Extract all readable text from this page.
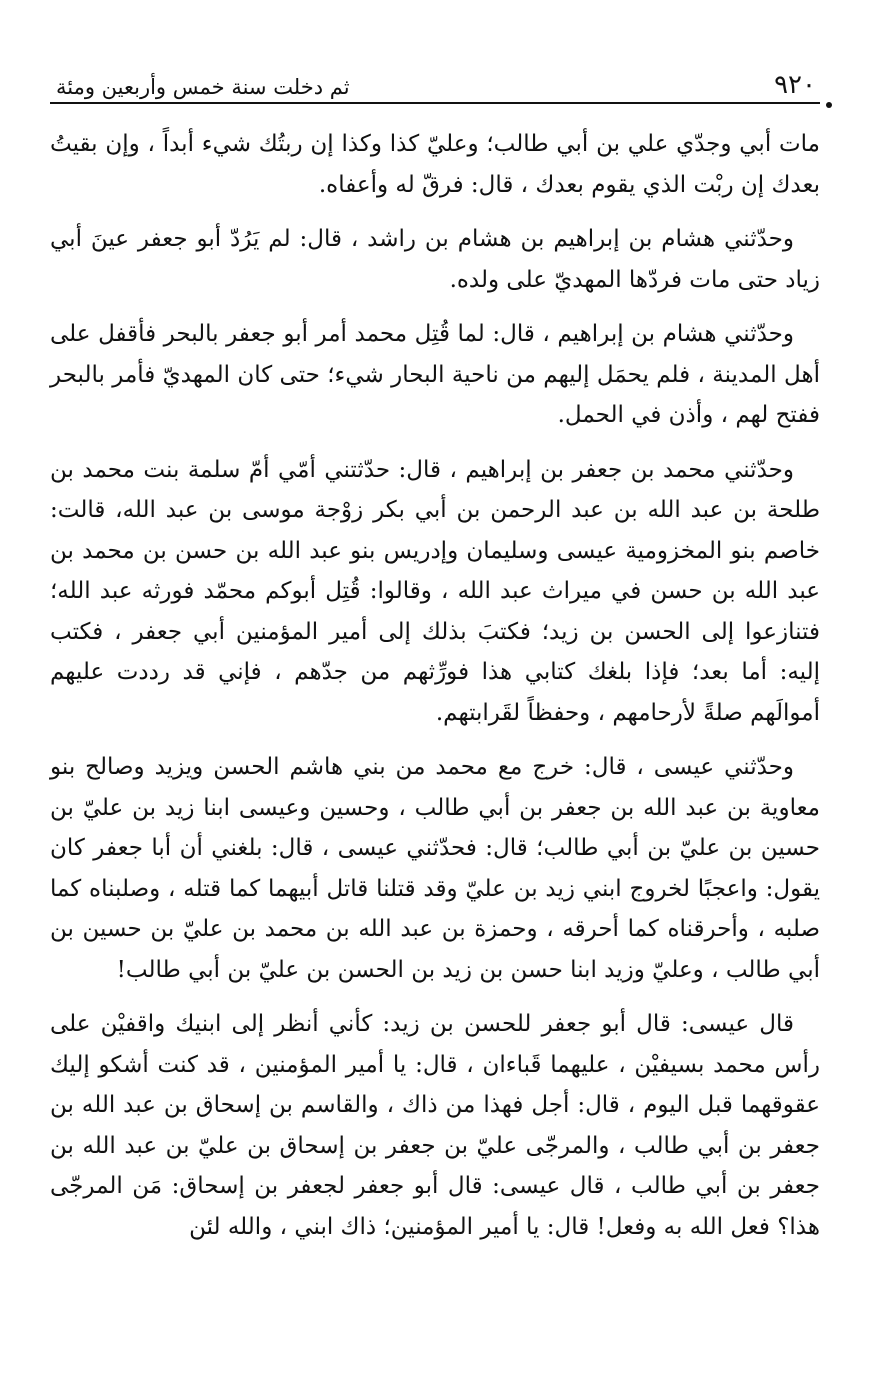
٩٢٠
ثم دخلت سنة خمس وأربعين ومئة

مات أبي وجدّي علي بن أبي طالب؛ وعليّ كذا وكذا إن ربتُك شيء أبداً ، وإن بقيتُ بعدك إن ربْت الذي يقوم بعدك ، قال: فرقّ له وأعفاه.

وحدّثني هشام بن إبراهيم بن هشام بن راشد ، قال: لم يَرُدّ أبو جعفر عينَ أبي زياد حتى مات فردّها المهديّ على ولده.

وحدّثني هشام بن إبراهيم ، قال: لما قُتِل محمد أمر أبو جعفر بالبحر فأقفل على أهل المدينة ، فلم يحمَل إليهم من ناحية البحار شيء؛ حتى كان المهديّ فأمر بالبحر ففتح لهم ، وأذن في الحمل.

وحدّثني محمد بن جعفر بن إبراهيم ، قال: حدّثتني أمّي أمّ سلمة بنت محمد بن طلحة بن عبد الله بن عبد الرحمن بن أبي بكر زوْجة موسى بن عبد الله، قالت: خاصم بنو المخزومية عيسى وسليمان وإدريس بنو عبد الله بن حسن بن محمد بن عبد الله بن حسن في ميراث عبد الله ، وقالوا: قُتِل أبوكم محمّد فورثه عبد الله؛ فتنازعوا إلى الحسن بن زيد؛ فكتبَ بذلك إلى أمير المؤمنين أبي جعفر ، فكتب إليه: أما بعد؛ فإذا بلغك كتابي هذا فورِّثهم من جدّهم ، فإني قد رددت عليهم أموالَهم صلةً لأرحامهم ، وحفظاً لقَرابتهم.

وحدّثني عيسى ، قال: خرج مع محمد من بني هاشم الحسن ويزيد وصالح بنو معاوية بن عبد الله بن جعفر بن أبي طالب ، وحسين وعيسى ابنا زيد بن عليّ بن حسين بن عليّ بن أبي طالب؛ قال: فحدّثني عيسى ، قال: بلغني أن أبا جعفر كان يقول: واعجبًا لخروج ابني زيد بن عليّ وقد قتلنا قاتل أبيهما كما قتله ، وصلبناه كما صلبه ، وأحرقناه كما أحرقه ، وحمزة بن عبد الله بن محمد بن عليّ بن حسين بن أبي طالب ، وعليّ وزيد ابنا حسن بن زيد بن الحسن بن عليّ بن أبي طالب!

قال عيسى: قال أبو جعفر للحسن بن زيد: كأني أنظر إلى ابنيك واقفيْن على رأس محمد بسيفيْن ، عليهما قَباءان ، قال: يا أمير المؤمنين ، قد كنت أشكو إليك عقوقهما قبل اليوم ، قال: أجل فهذا من ذاك ، والقاسم بن إسحاق بن عبد الله بن جعفر بن أبي طالب ، والمرجّى عليّ بن جعفر بن إسحاق بن عليّ بن عبد الله بن جعفر بن أبي طالب ، قال عيسى: قال أبو جعفر لجعفر بن إسحاق: مَن المرجّى هذا؟ فعل الله به وفعل! قال: يا أمير المؤمنين؛ ذاك ابني ، والله لئن
